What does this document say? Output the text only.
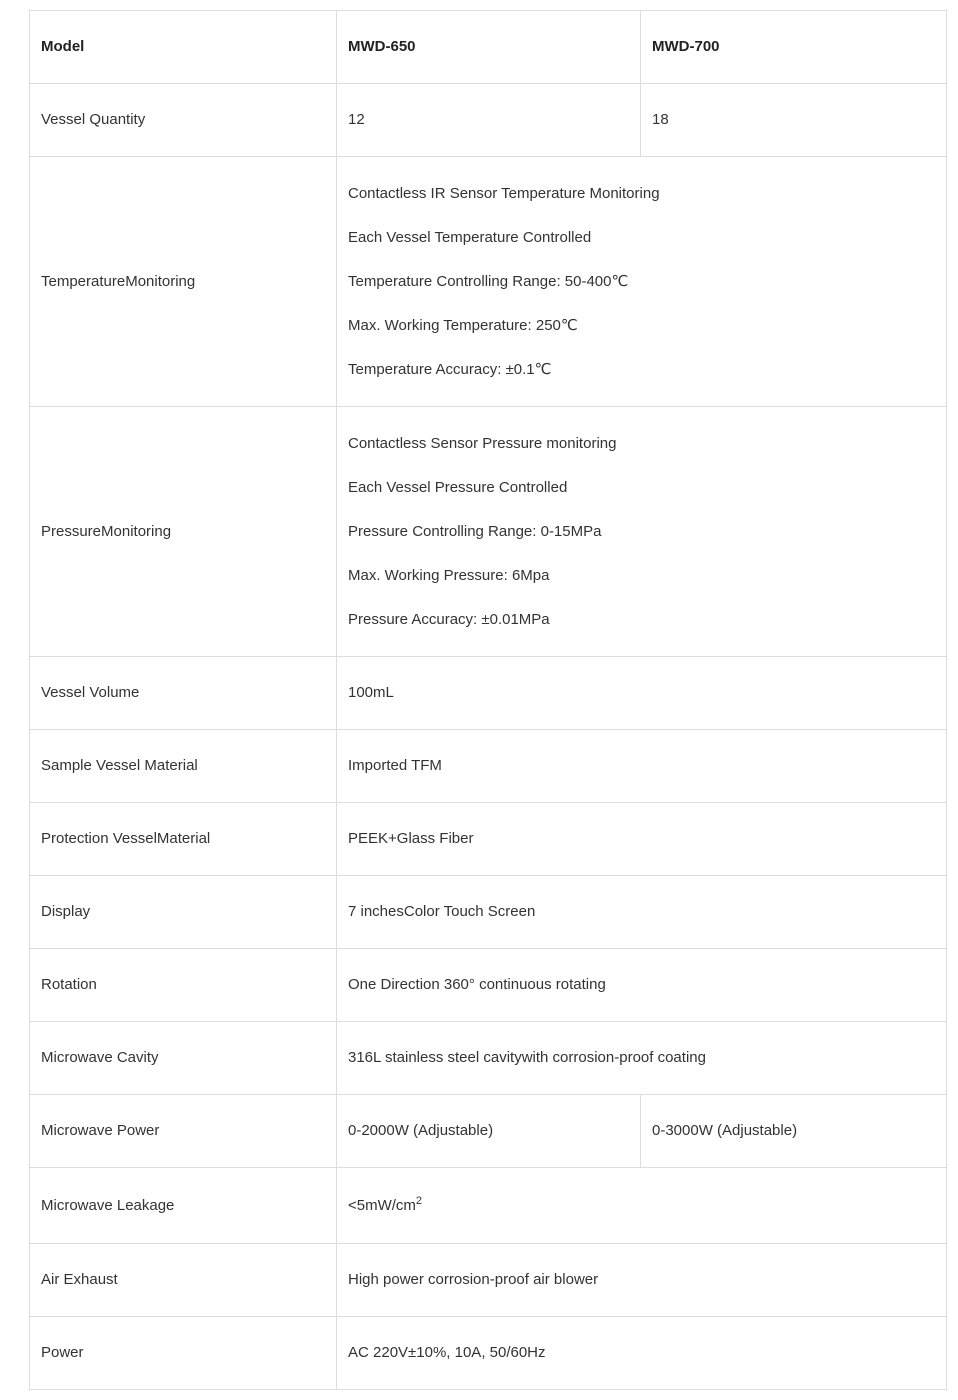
Model	MWD-650	MWD-700
Vessel Quantity	12	18
TemperatureMonitoring	Contactless IR Sensor Temperature Monitoring
Each Vessel Temperature Controlled
Temperature Controlling Range: 50-400℃
Max. Working Temperature: 250℃
Temperature Accuracy: ±0.1℃	

PressureMonitoring	Contactless Sensor Pressure monitoring
Each Vessel Pressure Controlled
Pressure Controlling Range: 0-15MPa
Max. Working Pressure: 6Mpa
Pressure Accuracy: ±0.01MPa	

Vessel Volume	100mL	
Sample Vessel Material	Imported TFM	
Protection VesselMaterial	PEEK+Glass Fiber	
Display	7 inchesColor Touch Screen	
Rotation	One Direction 360° continuous rotating	
Microwave Cavity	316L stainless steel cavitywith corrosion-proof coating	
Microwave Power	0-2000W (Adjustable)	0-3000W (Adjustable)
Microwave Leakage	$<5mW/cm^2$
Air Exhaust	High power corrosion-proof air blower	
Power	AC 220V±10%, 10A, 50/60Hz	
